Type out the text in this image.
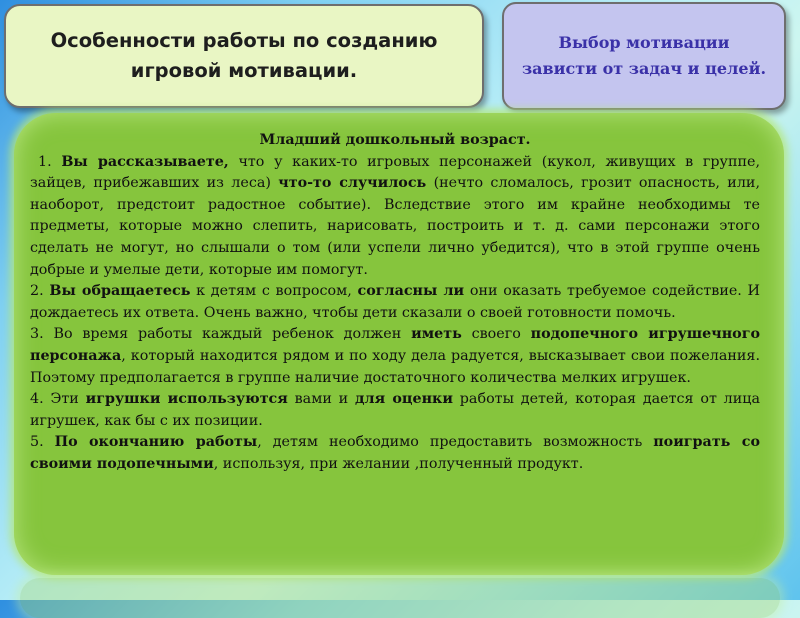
Особенности работы по созданию
игровой мотивации.
Выбор мотивации
зависти от задач и целей.

Младший дошкольный возраст.

1. Вы рассказываете, что у каких-то игровых персонажей (кукол, живущих в группе, зайцев, прибежавших из леса) что-то случилось (нечто сломалось, грозит опасность, или, наоборот, предстоит радостное событие). Вследствие этого им крайне необходимы те предметы, которые можно слепить, нарисовать, построить и т. д. сами персонажи этого сделать не могут, но слышали о том (или успели лично убедится), что в этой группе очень добрые и умелые дети, которые им помогут.

2. Вы обращаетесь к детям с вопросом, согласны ли они оказать требуемое содействие. И дождаетесь их ответа. Очень важно, чтобы дети сказали о своей готовности помочь.

3. Во время работы каждый ребенок должен иметь своего подопечного игрушечного персонажа, который находится рядом и по ходу дела радуется, высказывает свои пожелания. Поэтому предполагается в группе наличие достаточного количества мелких игрушек.

4. Эти игрушки используются вами и для оценки работы детей, которая дается от лица игрушек, как бы с их позиции.

5. По окончанию работы, детям необходимо предоставить возможность поиграть со своими подопечными, используя, при желании ,полученный продукт.
